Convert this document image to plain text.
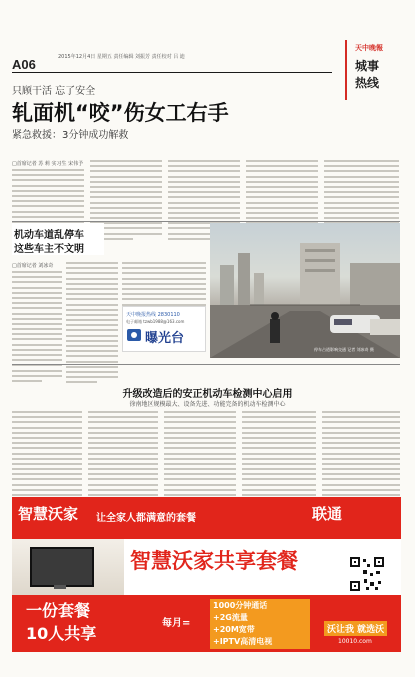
A06	2015年12月4日 星期五 责任编辑 刘振芳 责任校对 吕 迪
天中晚報
城事
热线
只顾干活 忘了安全
轧面机“咬”伤女工右手
紧急救援：3分钟成功解救
□首席记者 苏 莉 实习生 宋伟予
机动车道乱停车
这些车主不文明
□首席记者 刘冰奇
天中晚报热线 2830110
电子邮箱 tzwb1988@163.com
曝光台
停车占道影响交通 记者 刘冰奇 摄
升级改造后的安正机动车检测中心启用
徐南地区规模最大、设备先进、功能完备的机动车检测中心
智慧沃家 让全家人都满意的套餐	联通
智慧沃家共享套餐
一份套餐
10人共享
每月=
1000分钟通话
+2G流量
+20M宽带
+IPTV高清电视
沃让我 就选沃
10010.com
